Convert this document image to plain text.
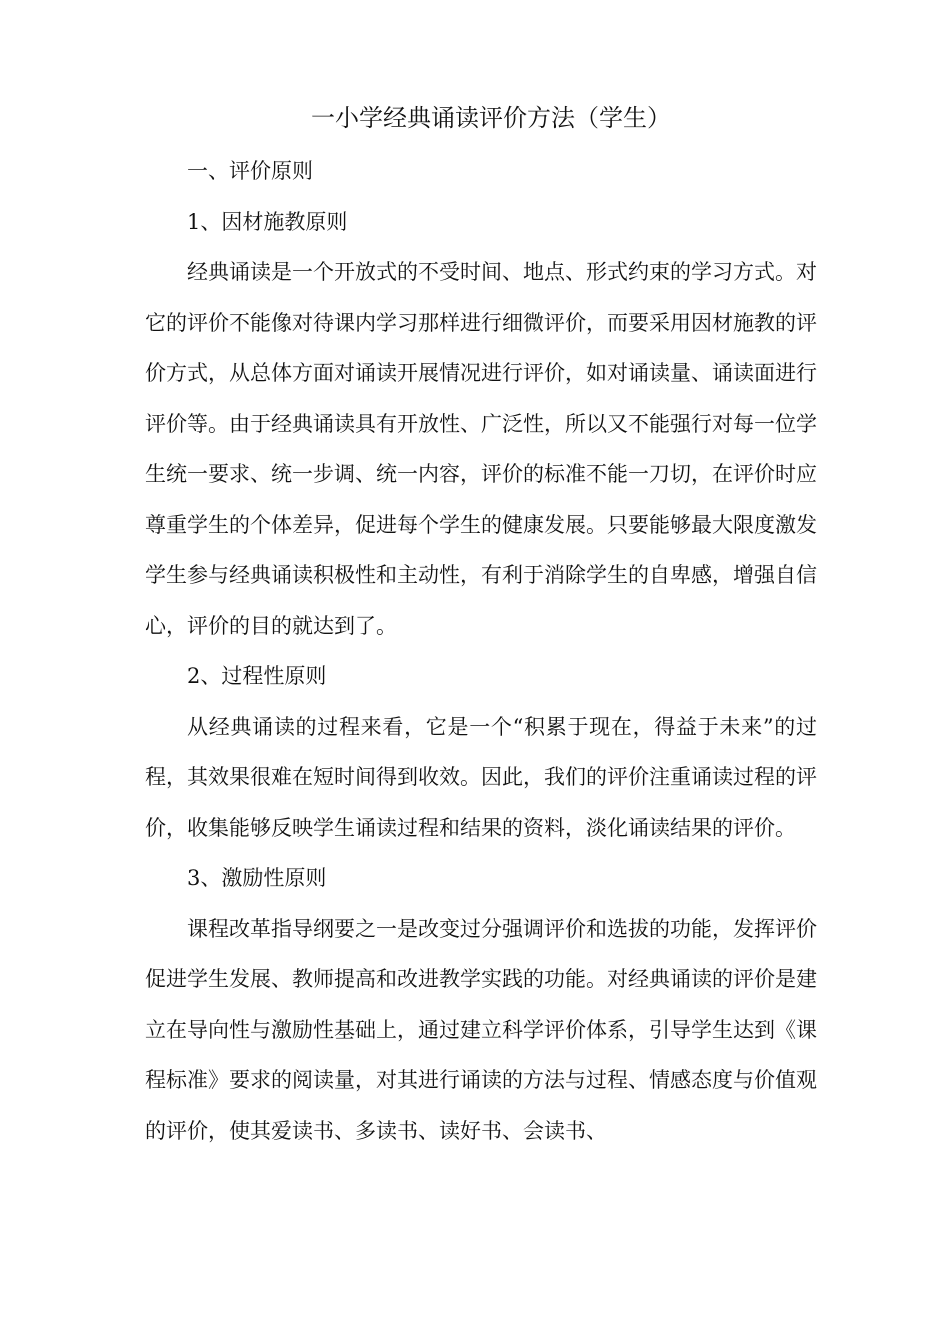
一小学经典诵读评价方法（学生）

一、评价原则

1、因材施教原则

经典诵读是一个开放式的不受时间、地点、形式约束的学习方式。对它的评价不能像对待课内学习那样进行细微评价，而要采用因材施教的评价方式，从总体方面对诵读开展情况进行评价，如对诵读量、诵读面进行评价等。由于经典诵读具有开放性、广泛性，所以又不能强行对每一位学生统一要求、统一步调、统一内容，评价的标准不能一刀切，在评价时应尊重学生的个体差异，促进每个学生的健康发展。只要能够最大限度激发学生参与经典诵读积极性和主动性，有利于消除学生的自卑感，增强自信心，评价的目的就达到了。

2、过程性原则

从经典诵读的过程来看，它是一个“积累于现在，得益于未来”的过程，其效果很难在短时间得到收效。因此，我们的评价注重诵读过程的评价，收集能够反映学生诵读过程和结果的资料，淡化诵读结果的评价。

3、激励性原则

课程改革指导纲要之一是改变过分强调评价和选拔的功能，发挥评价促进学生发展、教师提高和改进教学实践的功能。对经典诵读的评价是建立在导向性与激励性基础上，通过建立科学评价体系，引导学生达到《课程标准》要求的阅读量，对其进行诵读的方法与过程、情感态度与价值观的评价，使其爱读书、多读书、读好书、会读书、
